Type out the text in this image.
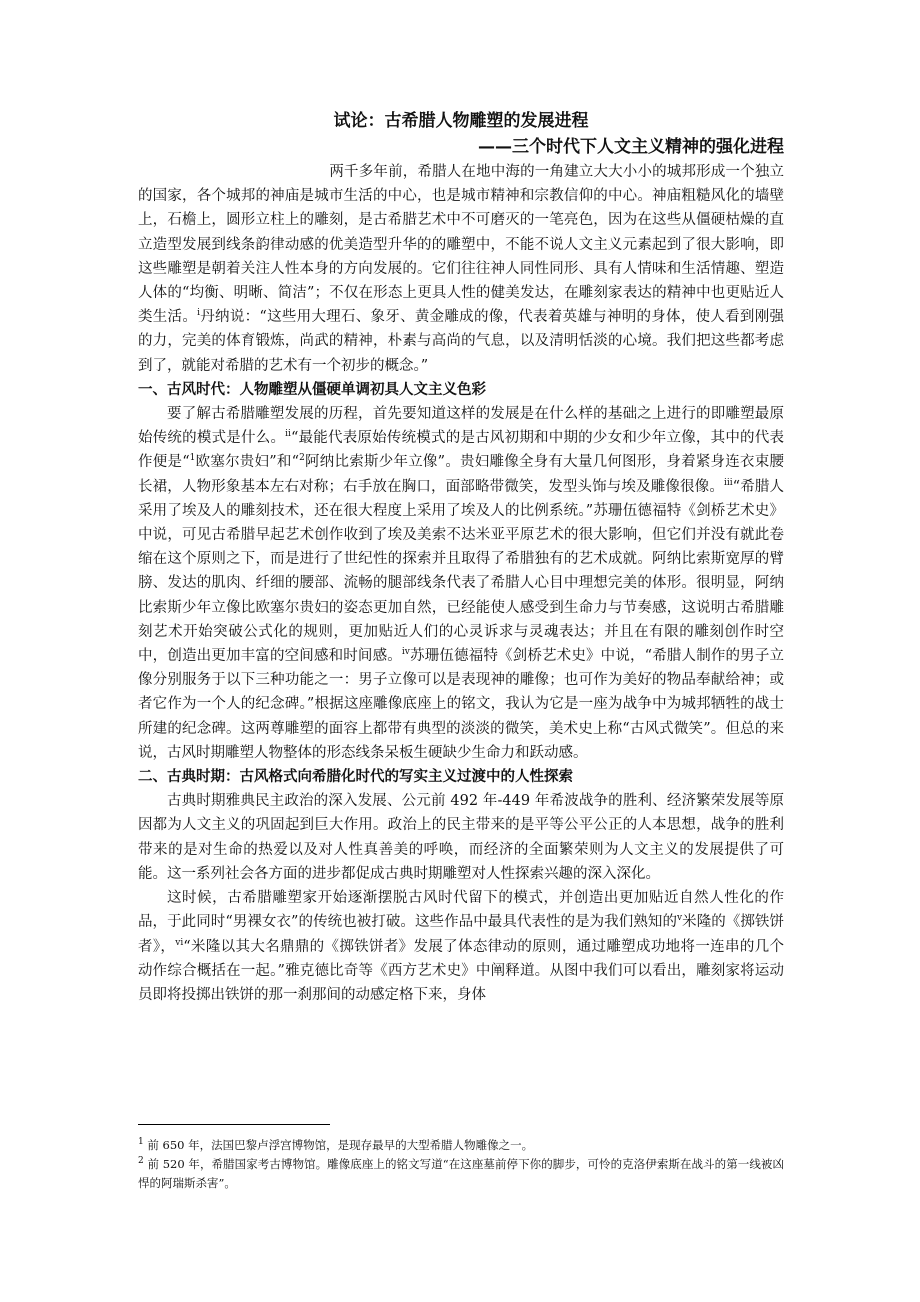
试论：古希腊人物雕塑的发展进程
——三个时代下人文主义精神的强化进程

两千多年前，希腊人在地中海的一角建立大大小小的城邦形成一个独立的国家，各个城邦的神庙是城市生活的中心，也是城市精神和宗教信仰的中心。神庙粗糙风化的墙壁上，石檐上，圆形立柱上的雕刻，是古希腊艺术中不可磨灭的一笔亮色，因为在这些从僵硬枯燥的直立造型发展到线条韵律动感的优美造型升华的的雕塑中，不能不说人文主义元素起到了很大影响，即这些雕塑是朝着关注人性本身的方向发展的。它们往往神人同性同形、具有人情味和生活情趣、塑造人体的“均衡、明晰、简洁”；不仅在形态上更具人性的健美发达，在雕刻家表达的精神中也更贴近人类生活。$^i$丹纳说：“这些用大理石、象牙、黄金雕成的像，代表着英雄与神明的身体，使人看到刚强的力，完美的体育锻炼，尚武的精神，朴素与高尚的气息，以及清明恬淡的心境。我们把这些都考虑到了，就能对希腊的艺术有一个初步的概念。”

一、古风时代：人物雕塑从僵硬单调初具人文主义色彩

要了解古希腊雕塑发展的历程，首先要知道这样的发展是在什么样的基础之上进行的即雕塑最原始传统的模式是什么。$^{ii}$“最能代表原始传统模式的是古风初期和中期的少女和少年立像，其中的代表作便是“$^1$欧塞尔贵妇”和“$^2$阿纳比索斯少年立像”。贵妇雕像全身有大量几何图形，身着紧身连衣束腰长裙，人物形象基本左右对称；右手放在胸口，面部略带微笑，发型头饰与埃及雕像很像。$^{iii}$“希腊人采用了埃及人的雕刻技术，还在很大程度上采用了埃及人的比例系统。”苏珊伍德福特《剑桥艺术史》中说，可见古希腊早起艺术创作收到了埃及美索不达米亚平原艺术的很大影响，但它们并没有就此卷缩在这个原则之下，而是进行了世纪性的探索并且取得了希腊独有的艺术成就。阿纳比索斯宽厚的臂膀、发达的肌肉、纤细的腰部、流畅的腿部线条代表了希腊人心目中理想完美的体形。很明显，阿纳比索斯少年立像比欧塞尔贵妇的姿态更加自然，已经能使人感受到生命力与节奏感，这说明古希腊雕刻艺术开始突破公式化的规则，更加贴近人们的心灵诉求与灵魂表达；并且在有限的雕刻创作时空中，创造出更加丰富的空间感和时间感。$^{iv}$苏珊伍德福特《剑桥艺术史》中说，“希腊人制作的男子立像分别服务于以下三种功能之一：男子立像可以是表现神的雕像；也可作为美好的物品奉献给神；或者它作为一个人的纪念碑。”根据这座雕像底座上的铭文，我认为它是一座为战争中为城邦牺牲的战士所建的纪念碑。这两尊雕塑的面容上都带有典型的淡淡的微笑，美术史上称“古风式微笑”。但总的来说，古风时期雕塑人物整体的形态线条呆板生硬缺少生命力和跃动感。

二、古典时期：古风格式向希腊化时代的写实主义过渡中的人性探索

古典时期雅典民主政治的深入发展、公元前 492 年-449 年希波战争的胜利、经济繁荣发展等原因都为人文主义的巩固起到巨大作用。政治上的民主带来的是平等公平公正的人本思想，战争的胜利带来的是对生命的热爱以及对人性真善美的呼唤，而经济的全面繁荣则为人文主义的发展提供了可能。这一系列社会各方面的进步都促成古典时期雕塑对人性探索兴趣的深入深化。

这时候，古希腊雕塑家开始逐渐摆脱古风时代留下的模式，并创造出更加贴近自然人性化的作品，于此同时“男裸女衣”的传统也被打破。这些作品中最具代表性的是为我们熟知的$^v$米隆的《掷铁饼者》，$^{vi}$“米隆以其大名鼎鼎的《掷铁饼者》发展了体态律动的原则，通过雕塑成功地将一连串的几个动作综合概括在一起。”雅克德比奇等《西方艺术史》中阐释道。从图中我们可以看出，雕刻家将运动员即将投掷出铁饼的那一刹那间的动感定格下来，身体

$^1$ 前 650 年，法国巴黎卢浮宫博物馆，是现存最早的大型希腊人物雕像之一。

$^2$ 前 520 年，希腊国家考古博物馆。雕像底座上的铭文写道“在这座墓前停下你的脚步，可怜的克洛伊索斯在战斗的第一线被凶悍的阿瑞斯杀害”。
